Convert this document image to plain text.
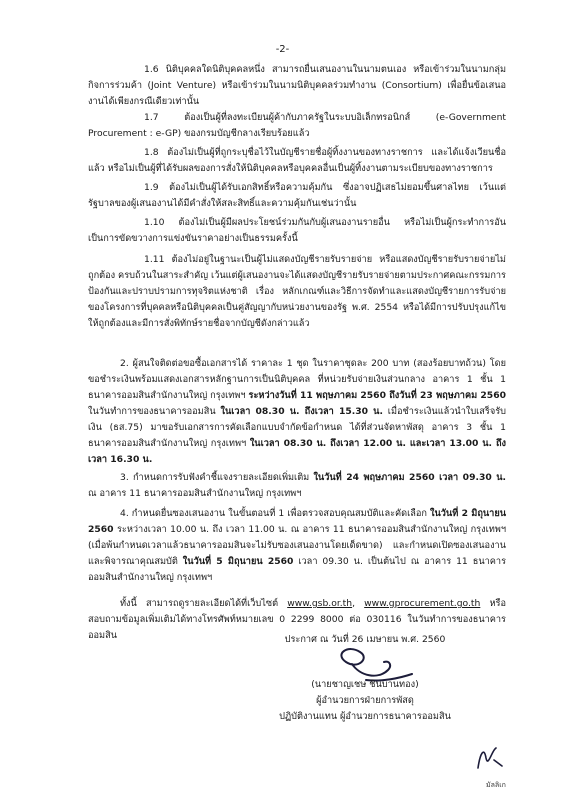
-2-

1.6 นิติบุคคลใดนิติบุคคลหนึ่ง สามารถยื่นเสนองานในนามตนเอง หรือเข้าร่วมในนามกลุ่มกิจการร่วมค้า (Joint Venture) หรือเข้าร่วมในนามนิติบุคคลร่วมทำงาน (Consortium) เพื่อยื่นข้อเสนองานได้เพียงกรณีเดียวเท่านั้น

1.7 ต้องเป็นผู้ที่ลงทะเบียนผู้ค้ากับภาครัฐในระบบอิเล็กทรอนิกส์ (e-Government Procurement : e-GP) ของกรมบัญชีกลางเรียบร้อยแล้ว

1.8 ต้องไม่เป็นผู้ที่ถูกระบุชื่อไว้ในบัญชีรายชื่อผู้ทิ้งงานของทางราชการ และได้แจ้งเวียนชื่อแล้ว หรือไม่เป็นผู้ที่ได้รับผลของการสั่งให้นิติบุคคลหรือบุคคลอื่นเป็นผู้ทิ้งงานตามระเบียบของทางราชการ

1.9 ต้องไม่เป็นผู้ได้รับเอกสิทธิ์หรือความคุ้มกัน ซึ่งอาจปฏิเสธไม่ยอมขึ้นศาลไทย เว้นแต่รัฐบาลของผู้เสนองานได้มีคำสั่งให้สละสิทธิ์และความคุ้มกันเช่นว่านั้น

1.10 ต้องไม่เป็นผู้มีผลประโยชน์ร่วมกันกับผู้เสนองานรายอื่น หรือไม่เป็นผู้กระทำการอันเป็นการขัดขวางการแข่งขันราคาอย่างเป็นธรรมครั้งนี้

1.11 ต้องไม่อยู่ในฐานะเป็นผู้ไม่แสดงบัญชีรายรับรายจ่าย หรือแสดงบัญชีรายรับรายจ่ายไม่ถูกต้อง ครบถ้วนในสาระสำคัญ เว้นแต่ผู้เสนองานจะได้แสดงบัญชีรายรับรายจ่ายตามประกาศคณะกรรมการป้องกันและปราบปรามการทุจริตแห่งชาติ เรื่อง หลักเกณฑ์และวิธีการจัดทำและแสดงบัญชีรายการรับจ่ายของโครงการที่บุคคลหรือนิติบุคคลเป็นคู่สัญญากับหน่วยงานของรัฐ พ.ศ. 2554 หรือได้มีการปรับปรุงแก้ไขให้ถูกต้องและมีการสั่งพิทักษ์รายชื่อจากบัญชีดังกล่าวแล้ว

2. ผู้สนใจติดต่อขอซื้อเอกสารได้ ราคาละ 1 ชุด ในราคาชุดละ 200 บาท (สองร้อยบาทถ้วน) โดยขอชำระเงินพร้อมแสดงเอกสารหลักฐานการเป็นนิติบุคคล ที่หน่วยรับจ่ายเงินส่วนกลาง อาคาร 1 ชั้น 1 ธนาคารออมสินสำนักงานใหญ่ กรุงเทพฯ ระหว่างวันที่ 11 พฤษภาคม 2560 ถึงวันที่ 23 พฤษภาคม 2560 ในวันทำการของธนาคารออมสิน ในเวลา 08.30 น. ถึงเวลา 15.30 น. เมื่อชำระเงินแล้วนำใบเสร็จรับเงิน (ธส.75) มาขอรับเอกสารการคัดเลือกแบบจำกัดข้อกำหนด ได้ที่ส่วนจัดหาพัสดุ อาคาร 3 ชั้น 1 ธนาคารออมสินสำนักงานใหญ่ กรุงเทพฯ ในเวลา 08.30 น. ถึงเวลา 12.00 น. และเวลา 13.00 น. ถึงเวลา 16.30 น.

3. กำหนดการรับฟังคำชี้แจงรายละเอียดเพิ่มเติม ในวันที่ 24 พฤษภาคม 2560 เวลา 09.30 น. ณ อาคาร 11 ธนาคารออมสินสำนักงานใหญ่ กรุงเทพฯ

4. กำหนดยื่นซองเสนองาน ในขั้นตอนที่ 1 เพื่อตรวจสอบคุณสมบัติและคัดเลือก ในวันที่ 2 มิถุนายน 2560 ระหว่างเวลา 10.00 น. ถึง เวลา 11.00 น. ณ อาคาร 11 ธนาคารออมสินสำนักงานใหญ่ กรุงเทพฯ (เมื่อพ้นกำหนดเวลาแล้วธนาคารออมสินจะไม่รับซองเสนองานโดยเด็ดขาด) และกำหนดเปิดซองเสนองาน และพิจารณาคุณสมบัติ ในวันที่ 5 มิถุนายน 2560 เวลา 09.30 น. เป็นต้นไป ณ อาคาร 11 ธนาคารออมสินสำนักงานใหญ่ กรุงเทพฯ

ทั้งนี้ สามารถดูรายละเอียดได้ที่เว็บไซต์ www.gsb.or.th, www.gprocurement.go.th หรือสอบถามข้อมูลเพิ่มเติมได้ทางโทรศัพท์หมายเลข 0 2299 8000 ต่อ 030116 ในวันทำการของธนาคารออมสิน	ประกาศ ณ วันที่ 26 เมษายน พ.ศ. 2560
(นายชาญเชษ ชินบานทอง)
ผู้อำนวยการฝ่ายการพัสดุ
ปฏิบัติงานแทน ผู้อำนวยการธนาคารออมสิน
มัลลิเก
